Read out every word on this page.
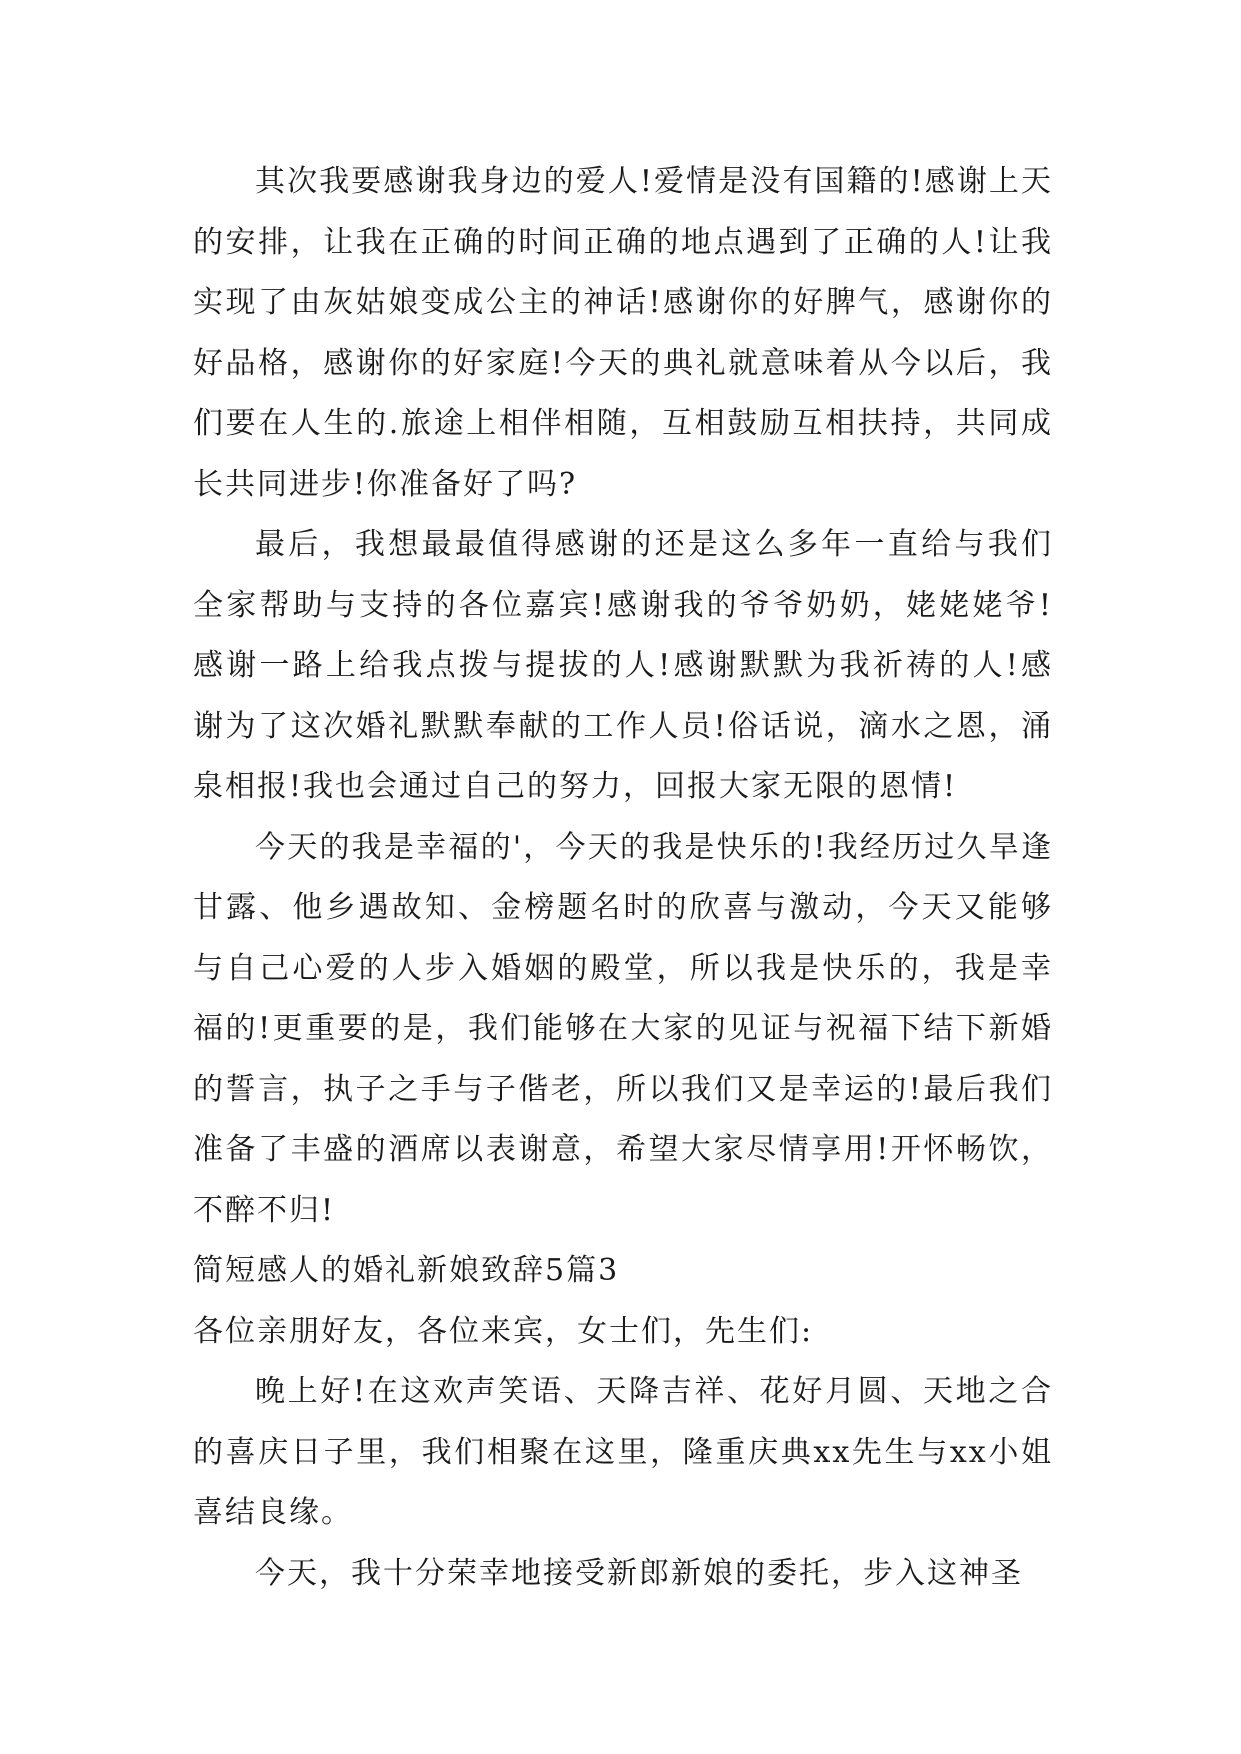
其次我要感谢我身边的爱人!爱情是没有国籍的!感谢上天的安排，让我在正确的时间正确的地点遇到了正确的人!让我实现了由灰姑娘变成公主的神话!感谢你的好脾气，感谢你的好品格，感谢你的好家庭!今天的典礼就意味着从今以后，我们要在人生的.旅途上相伴相随，互相鼓励互相扶持，共同成长共同进步!你准备好了吗?

最后，我想最最值得感谢的还是这么多年一直给与我们全家帮助与支持的各位嘉宾!感谢我的爷爷奶奶，姥姥姥爷!感谢一路上给我点拨与提拔的人!感谢默默为我祈祷的人!感谢为了这次婚礼默默奉献的工作人员!俗话说，滴水之恩，涌泉相报!我也会通过自己的努力，回报大家无限的恩情!

今天的我是幸福的'，今天的我是快乐的!我经历过久旱逢甘露、他乡遇故知、金榜题名时的欣喜与激动，今天又能够与自己心爱的人步入婚姻的殿堂，所以我是快乐的，我是幸福的!更重要的是，我们能够在大家的见证与祝福下结下新婚的誓言，执子之手与子偕老，所以我们又是幸运的!最后我们准备了丰盛的酒席以表谢意，希望大家尽情享用!开怀畅饮，不醉不归!

简短感人的婚礼新娘致辞5篇3

各位亲朋好友，各位来宾，女士们，先生们:

晚上好!在这欢声笑语、天降吉祥、花好月圆、天地之合的喜庆日子里，我们相聚在这里，隆重庆典xx先生与xx小姐喜结良缘。

今天，我十分荣幸地接受新郎新娘的委托，步入这神圣
